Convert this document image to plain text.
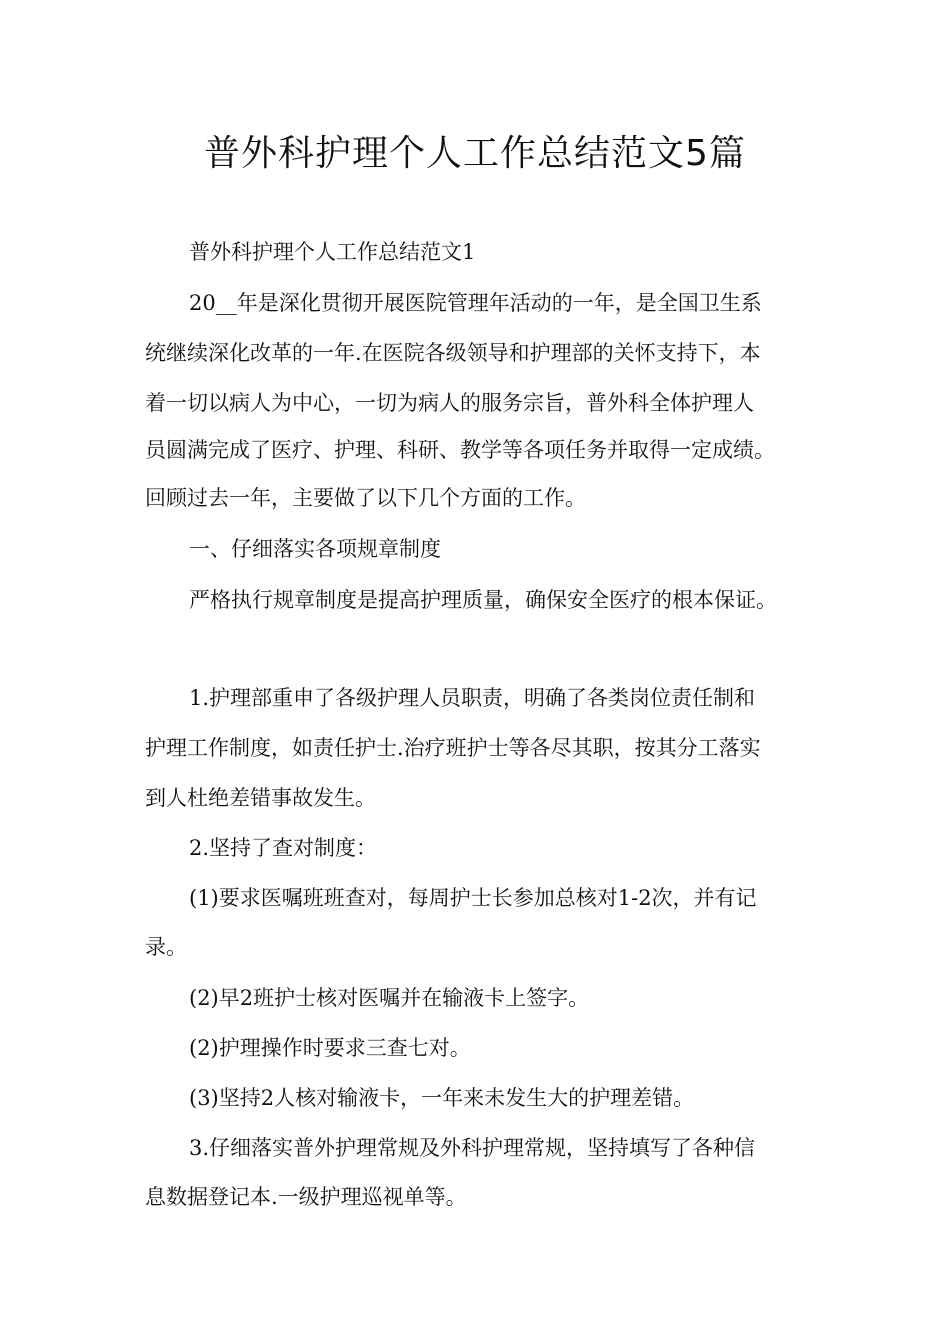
普外科护理个人工作总结范文5篇
普外科护理个人工作总结范文1
20__年是深化贯彻开展医院管理年活动的一年，是全国卫生系
统继续深化改革的一年.在医院各级领导和护理部的关怀支持下，本
着一切以病人为中心，一切为病人的服务宗旨，普外科全体护理人
员圆满完成了医疗、护理、科研、教学等各项任务并取得一定成绩。
回顾过去一年，主要做了以下几个方面的工作。
一、仔细落实各项规章制度
严格执行规章制度是提高护理质量，确保安全医疗的根本保证。
1.护理部重申了各级护理人员职责，明确了各类岗位责任制和
护理工作制度，如责任护士.治疗班护士等各尽其职，按其分工落实
到人杜绝差错事故发生。
2.坚持了查对制度：
(1)要求医嘱班班查对，每周护士长参加总核对1-2次，并有记
录。
(2)早2班护士核对医嘱并在输液卡上签字。
(2)护理操作时要求三查七对。
(3)坚持2人核对输液卡，一年来未发生大的护理差错。
3.仔细落实普外护理常规及外科护理常规，坚持填写了各种信
息数据登记本.一级护理巡视单等。
